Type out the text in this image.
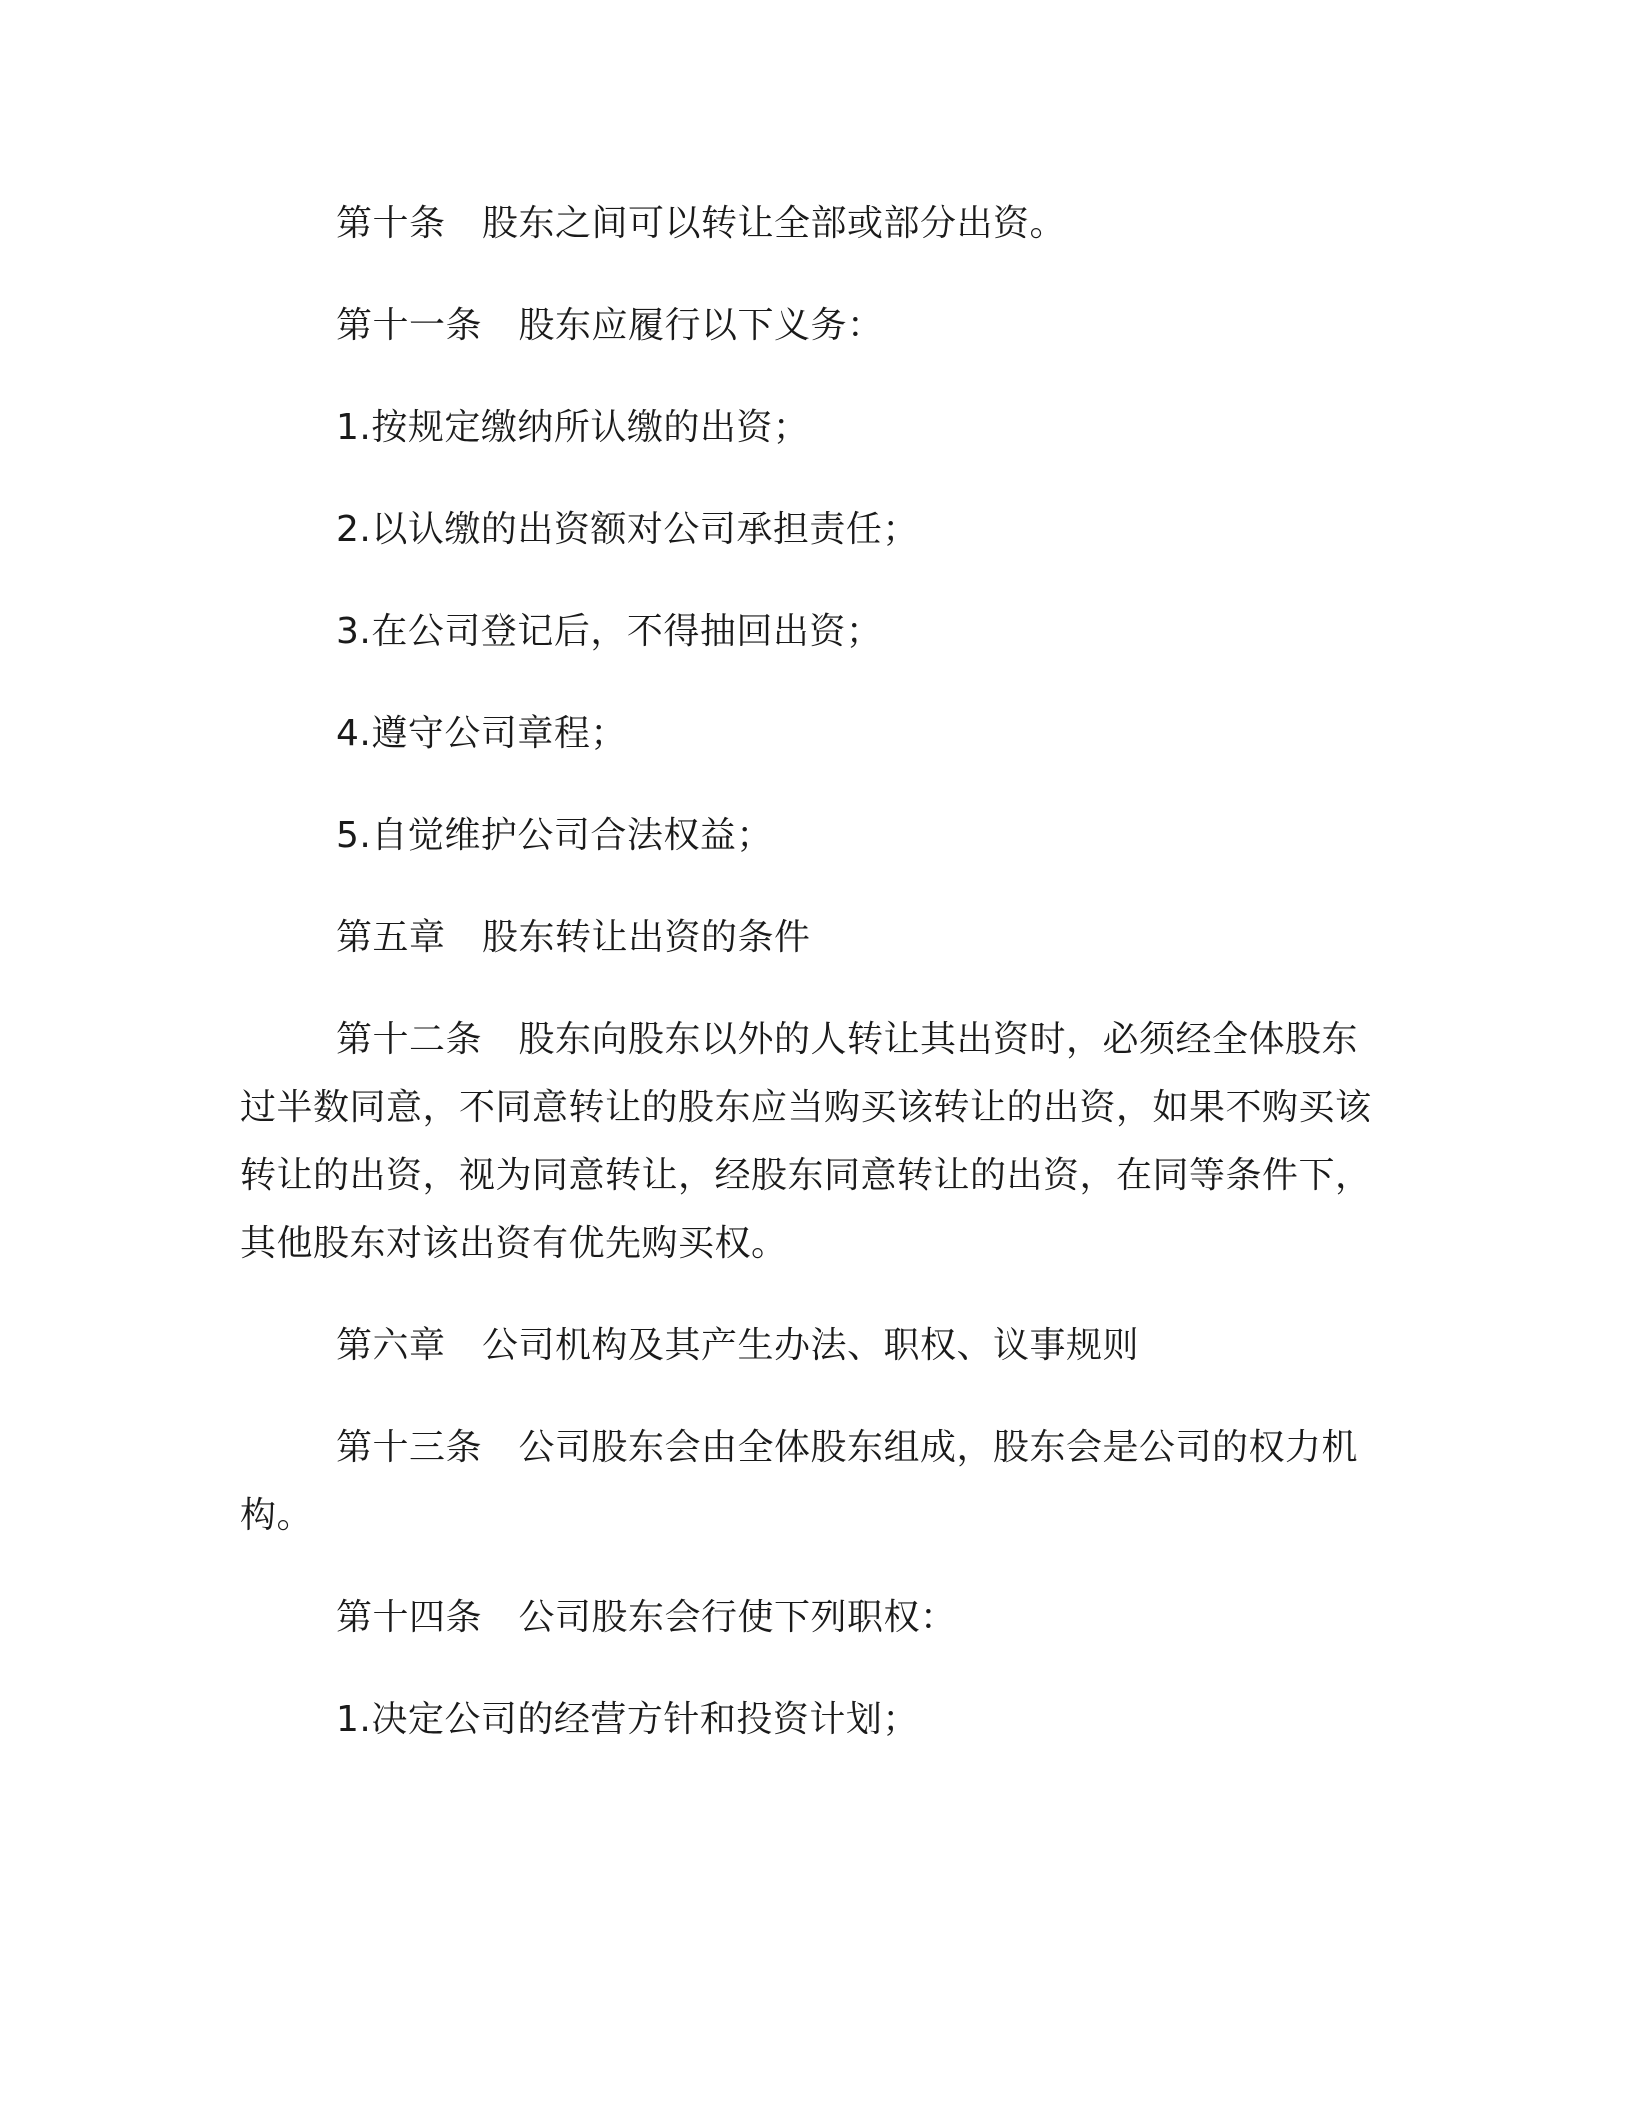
第十条　股东之间可以转让全部或部分出资。

第十一条　股东应履行以下义务：

1.按规定缴纳所认缴的出资；

2.以认缴的出资额对公司承担责任；

3.在公司登记后，不得抽回出资；

4.遵守公司章程；

5.自觉维护公司合法权益；

第五章　股东转让出资的条件

第十二条　股东向股东以外的人转让其出资时，必须经全体股东过半数同意，不同意转让的股东应当购买该转让的出资，如果不购买该转让的出资，视为同意转让，经股东同意转让的出资，在同等条件下，其他股东对该出资有优先购买权。

第六章　公司机构及其产生办法、职权、议事规则

第十三条　公司股东会由全体股东组成，股东会是公司的权力机构。

第十四条　公司股东会行使下列职权：

1.决定公司的经营方针和投资计划；
